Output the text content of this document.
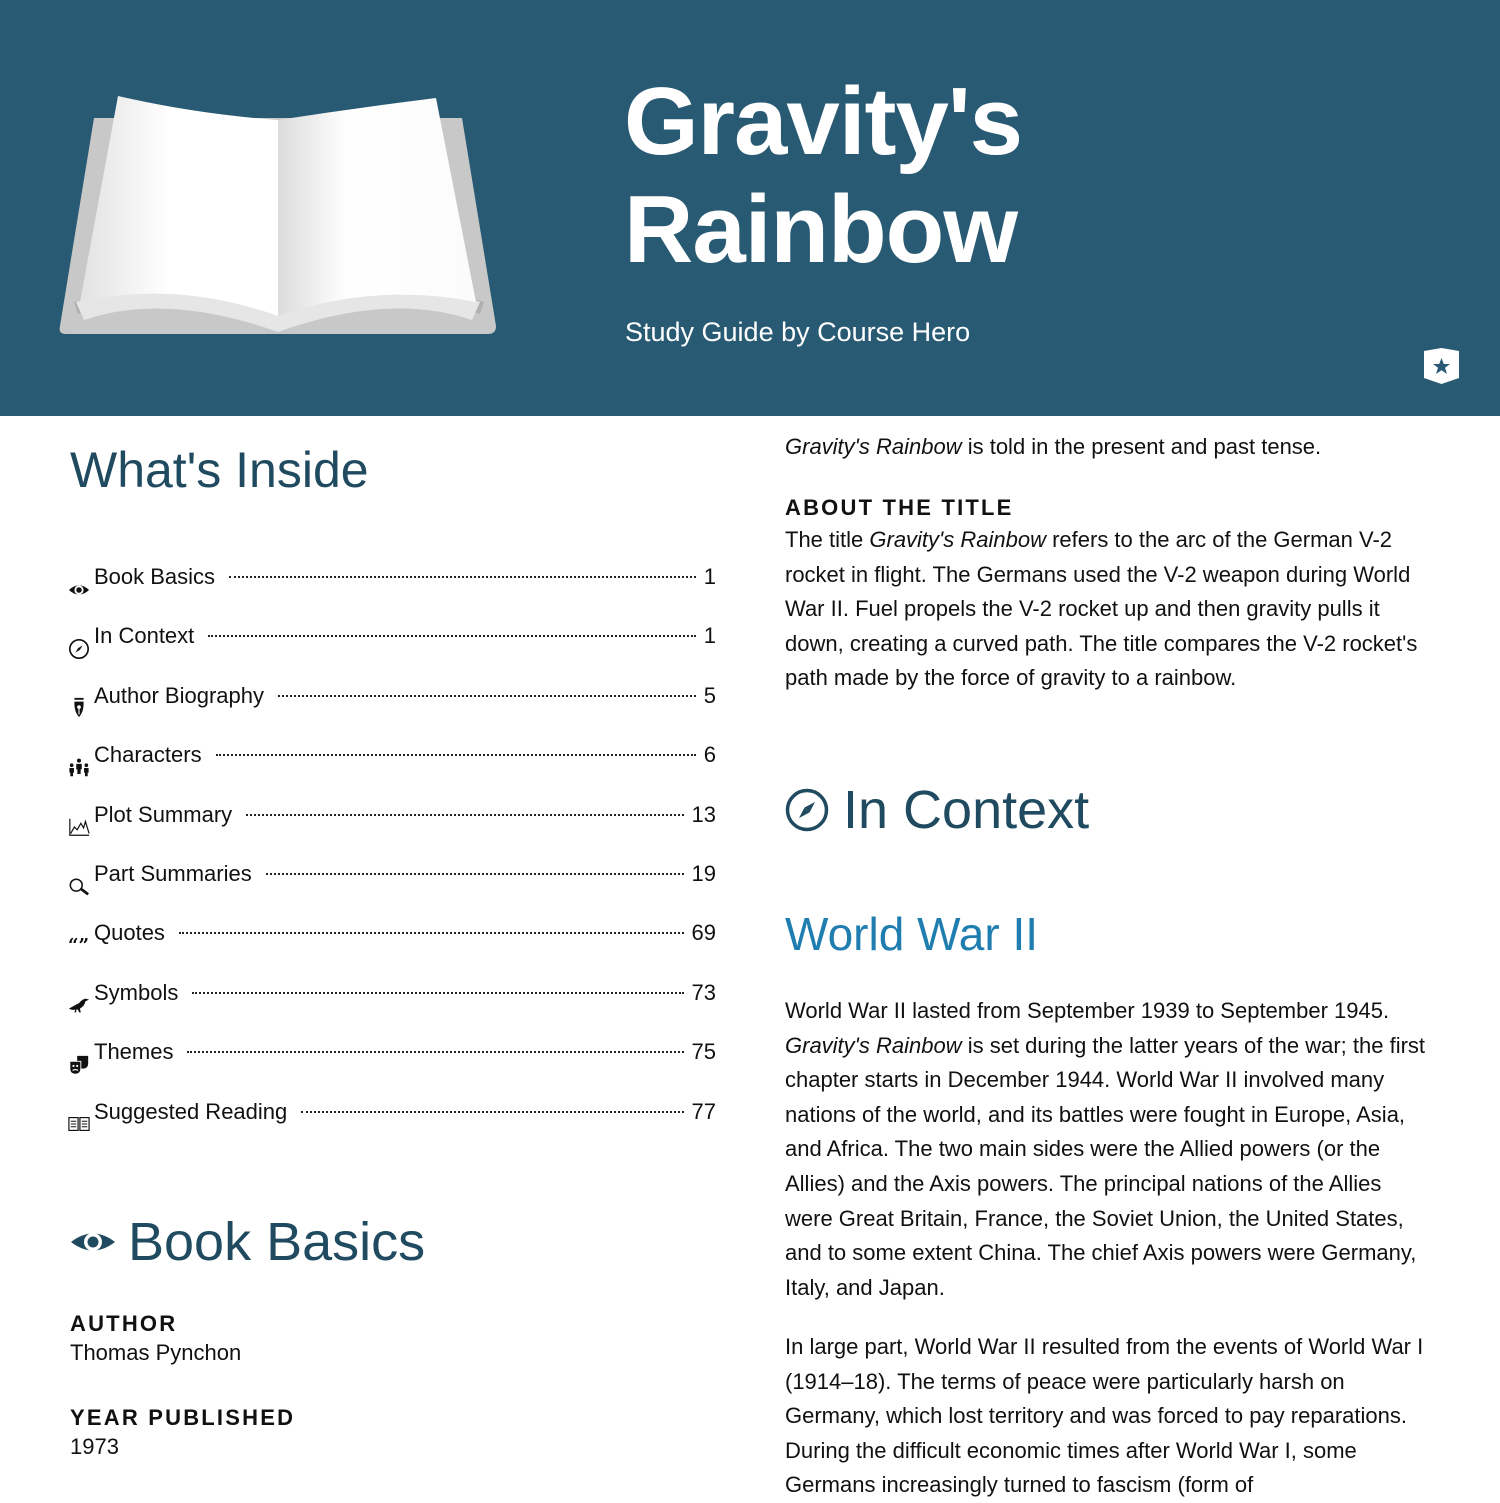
Gravity's
Rainbow
Study Guide by Course Hero
What's Inside
Book Basics	1
In Context	1
Author Biography	5
Characters	6
Plot Summary	13
Part Summaries	19
“”
Quotes	69
Symbols	73
Themes	75
Suggested Reading	77
Book Basics
AUTHOR
Thomas Pynchon
YEAR PUBLISHED
1973

Gravity's Rainbow is told in the present and past tense.

ABOUT THE TITLE

The title Gravity's Rainbow refers to the arc of the German V-2 rocket in flight. The Germans used the V-2 weapon during World War II. Fuel propels the V-2 rocket up and then gravity pulls it down, creating a curved path. The title compares the V-2 rocket's path made by the force of gravity to a rainbow.

In Context
World War II

World War II lasted from September 1939 to September 1945. Gravity's Rainbow is set during the latter years of the war; the first chapter starts in December 1944. World War II involved many nations of the world, and its battles were fought in Europe, Asia, and Africa. The two main sides were the Allied powers (or the Allies) and the Axis powers. The principal nations of the Allies were Great Britain, France, the Soviet Union, the United States, and to some extent China. The chief Axis powers were Germany, Italy, and Japan.

In large part, World War II resulted from the events of World War I (1914–18). The terms of peace were particularly harsh on Germany, which lost territory and was forced to pay reparations. During the difficult economic times after World War I, some Germans increasingly turned to fascism (form of
